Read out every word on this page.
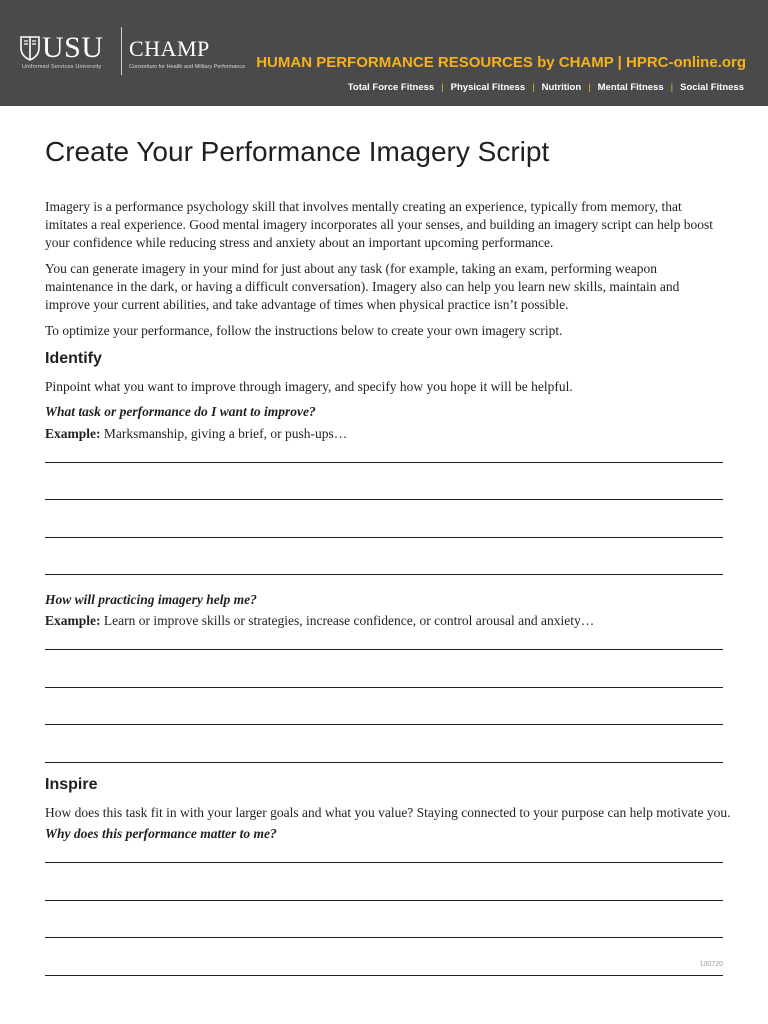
USU
Uniformed Services University
CHAMP
Consortium for Health and Military Performance HUMAN PERFORMANCE RESOURCES by CHAMP | HPRC-online.org
Total Force Fitness | Physical Fitness | Nutrition | Mental Fitness | Social Fitness
Create Your Performance Imagery Script

Imagery is a performance psychology skill that involves mentally creating an experience, typically from memory, that imitates a real experience. Good mental imagery incorporates all your senses, and building an imagery script can help boost your confidence while reducing stress and anxiety about an important upcoming performance.

You can generate imagery in your mind for just about any task (for example, taking an exam, performing weapon maintenance in the dark, or having a difficult conversation). Imagery also can help you learn new skills, maintain and improve your current abilities, and take advantage of times when physical practice isn’t possible.

To optimize your performance, follow the instructions below to create your own imagery script.

Identify

Pinpoint what you want to improve through imagery, and specify how you hope it will be helpful.

What task or performance do I want to improve?
Example: Marksmanship, giving a brief, or push-ups…
How will practicing imagery help me?
Example: Learn or improve skills or strategies, increase confidence, or control arousal and anxiety…
Inspire

How does this task fit in with your larger goals and what you value? Staying connected to your purpose can help motivate you.

Why does this performance matter to me?
100720
